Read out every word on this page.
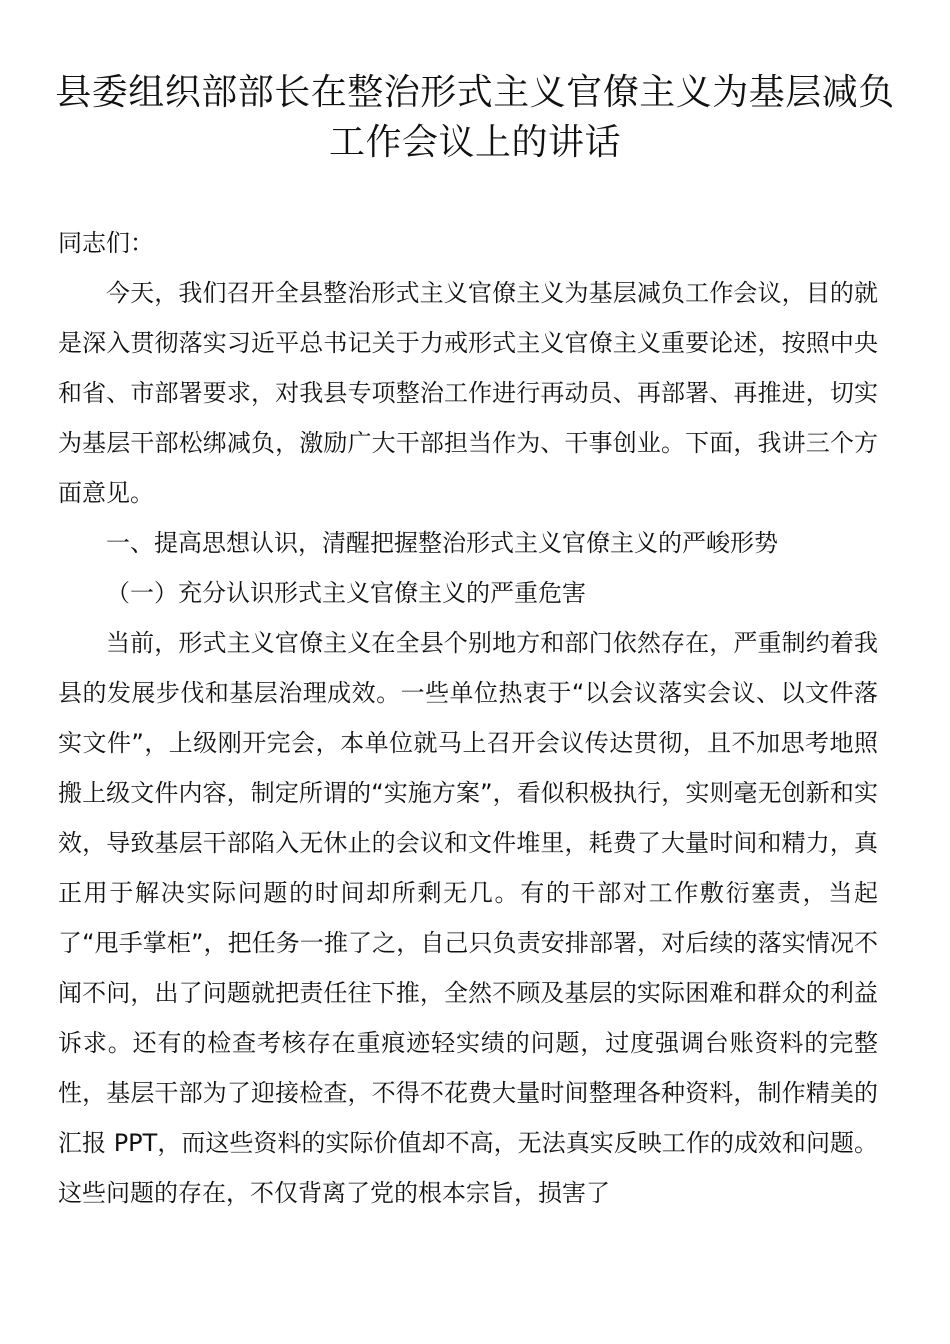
县委组织部部长在整治形式主义官僚主义为基层减负工作会议上的讲话

同志们：

今天，我们召开全县整治形式主义官僚主义为基层减负工作会议，目的就是深入贯彻落实习近平总书记关于力戒形式主义官僚主义重要论述，按照中央和省、市部署要求，对我县专项整治工作进行再动员、再部署、再推进，切实为基层干部松绑减负，激励广大干部担当作为、干事创业。下面，我讲三个方面意见。

一、提高思想认识，清醒把握整治形式主义官僚主义的严峻形势

（一）充分认识形式主义官僚主义的严重危害

当前，形式主义官僚主义在全县个别地方和部门依然存在，严重制约着我县的发展步伐和基层治理成效。一些单位热衷于“以会议落实会议、以文件落实文件”，上级刚开完会，本单位就马上召开会议传达贯彻，且不加思考地照搬上级文件内容，制定所谓的“实施方案”，看似积极执行，实则毫无创新和实效，导致基层干部陷入无休止的会议和文件堆里，耗费了大量时间和精力，真正用于解决实际问题的时间却所剩无几。有的干部对工作敷衍塞责，当起了“甩手掌柜”，把任务一推了之，自己只负责安排部署，对后续的落实情况不闻不问，出了问题就把责任往下推，全然不顾及基层的实际困难和群众的利益诉求。还有的检查考核存在重痕迹轻实绩的问题，过度强调台账资料的完整性，基层干部为了迎接检查，不得不花费大量时间整理各种资料，制作精美的汇报 PPT，而这些资料的实际价值却不高，无法真实反映工作的成效和问题。这些问题的存在，不仅背离了党的根本宗旨，损害了
